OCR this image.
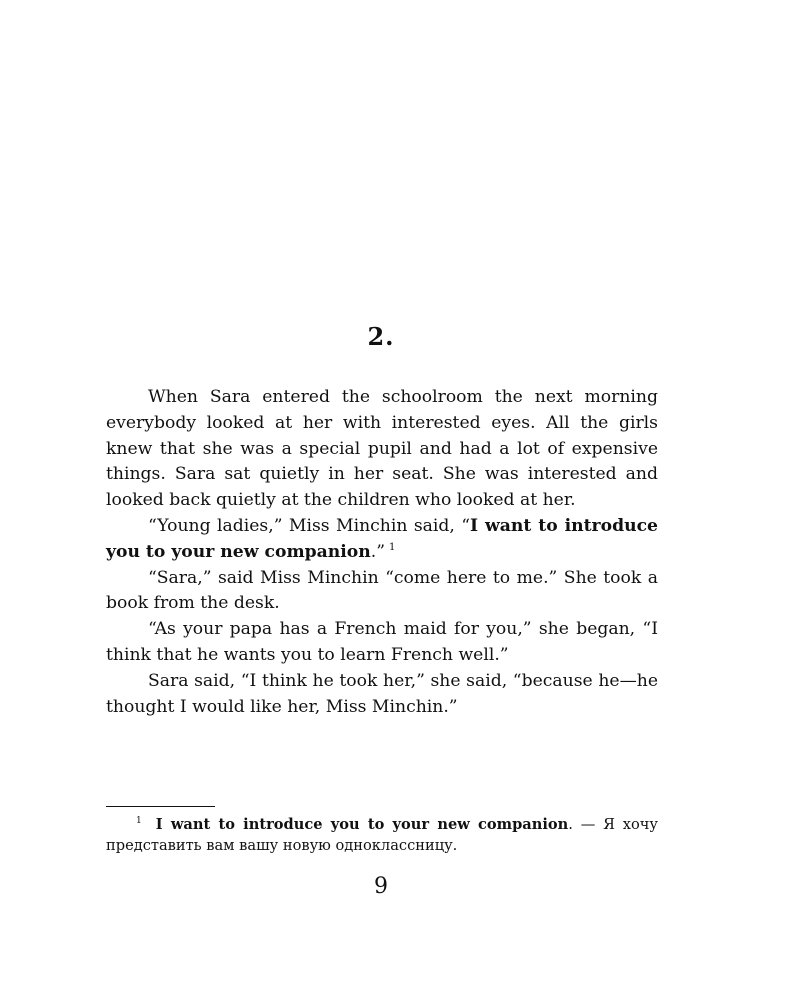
2.

When Sara entered the schoolroom the next morning everybody looked at her with interested eyes. All the girls knew that she was a special pupil and had a lot of expensive things. Sara sat quietly in her seat. She was interested and looked back quietly at the children who looked at her.

“Young ladies,” Miss Minchin said, “I want to introduce you to your new companion.” $^1$

“Sara,” said Miss Minchin “come here to me.” She took a book from the desk.

“As your papa has a French maid for you,” she began, “I think that he wants you to learn French well.”

Sara said, “I think he took her,” she said, “because he—he thought I would like her, Miss Minchin.”

$^1$ I want to introduce you to your new companion. — Я хочу представить вам вашу новую одноклассницу.

9
